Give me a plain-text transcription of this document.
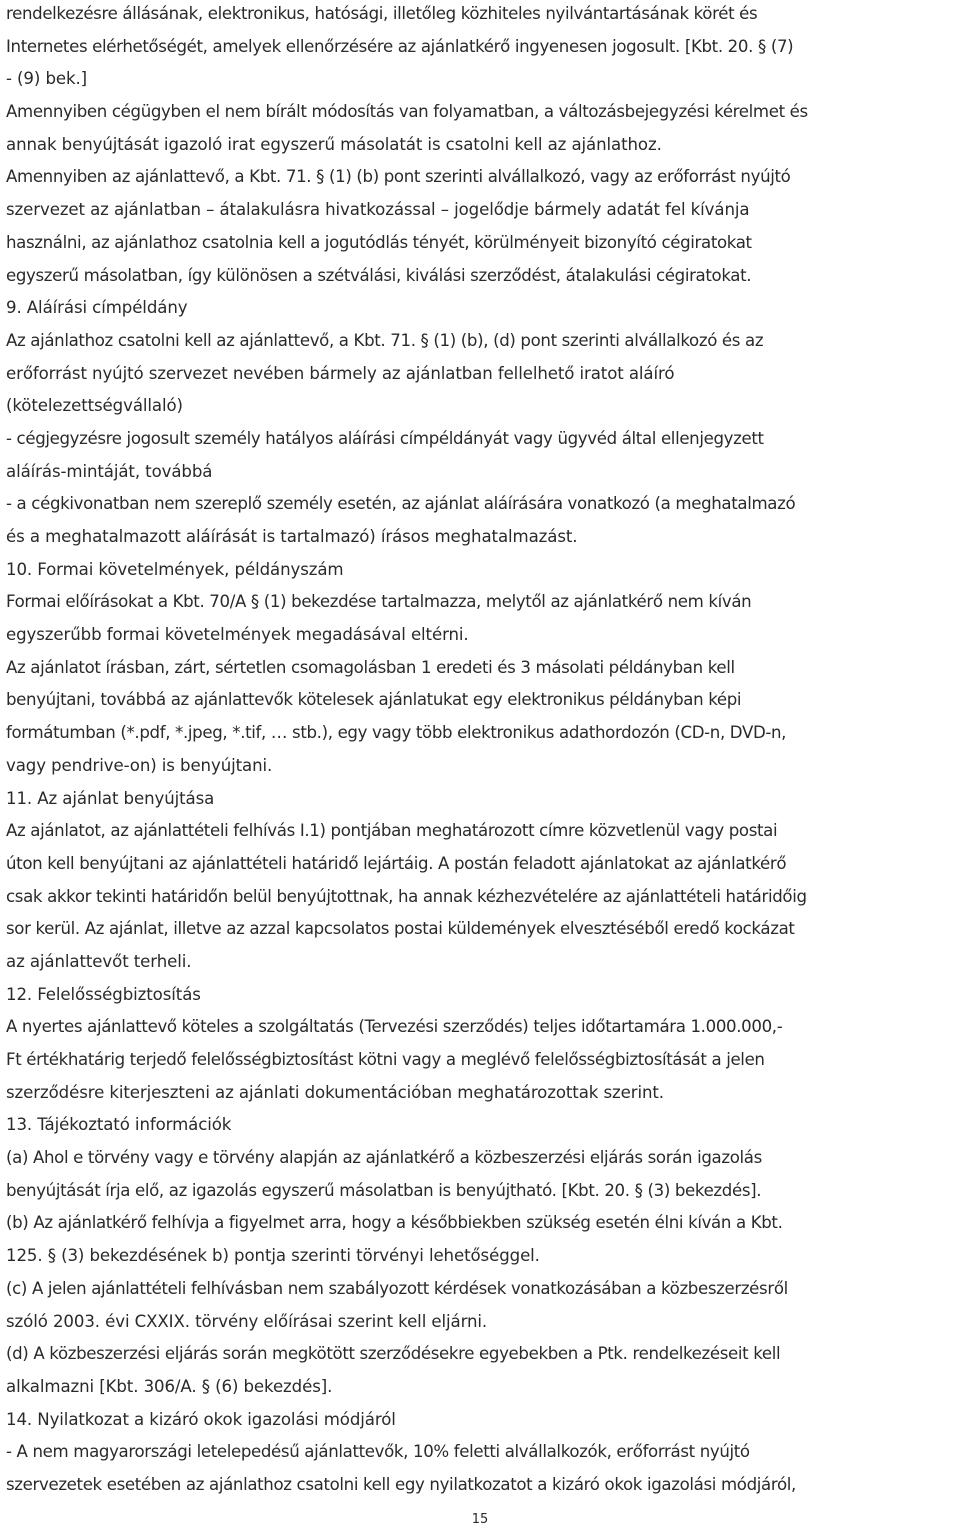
rendelkezésre állásának, elektronikus, hatósági, illetőleg közhiteles nyilvántartásának körét és
Internetes elérhetőségét, amelyek ellenőrzésére az ajánlatkérő ingyenesen jogosult. [Kbt. 20. § (7)
- (9) bek.]
Amennyiben cégügyben el nem bírált módosítás van folyamatban, a változásbejegyzési kérelmet és
annak benyújtását igazoló irat egyszerű másolatát is csatolni kell az ajánlathoz.
Amennyiben az ajánlattevő, a Kbt. 71. § (1) (b) pont szerinti alvállalkozó, vagy az erőforrást nyújtó
szervezet az ajánlatban – átalakulásra hivatkozással – jogelődje bármely adatát fel kívánja
használni, az ajánlathoz csatolnia kell a jogutódlás tényét, körülményeit bizonyító cégiratokat
egyszerű másolatban, így különösen a szétválási, kiválási szerződést, átalakulási cégiratokat.
9. Aláírási címpéldány
Az ajánlathoz csatolni kell az ajánlattevő, a Kbt. 71. § (1) (b), (d) pont szerinti alvállalkozó és az
erőforrást nyújtó szervezet nevében bármely az ajánlatban fellelhető iratot aláíró
(kötelezettségvállaló)
- cégjegyzésre jogosult személy hatályos aláírási címpéldányát vagy ügyvéd által ellenjegyzett
aláírás-mintáját, továbbá
- a cégkivonatban nem szereplő személy esetén, az ajánlat aláírására vonatkozó (a meghatalmazó
és a meghatalmazott aláírását is tartalmazó) írásos meghatalmazást.
10. Formai követelmények, példányszám
Formai előírásokat a Kbt. 70/A § (1) bekezdése tartalmazza, melytől az ajánlatkérő nem kíván
egyszerűbb formai követelmények megadásával eltérni.
Az ajánlatot írásban, zárt, sértetlen csomagolásban 1 eredeti és 3 másolati példányban kell
benyújtani, továbbá az ajánlattevők kötelesek ajánlatukat egy elektronikus példányban képi
formátumban (*.pdf, *.jpeg, *.tif, … stb.), egy vagy több elektronikus adathordozón (CD-n, DVD-n,
vagy pendrive-on) is benyújtani.
11. Az ajánlat benyújtása
Az ajánlatot, az ajánlattételi felhívás I.1) pontjában meghatározott címre közvetlenül vagy postai
úton kell benyújtani az ajánlattételi határidő lejártáig. A postán feladott ajánlatokat az ajánlatkérő
csak akkor tekinti határidőn belül benyújtottnak, ha annak kézhezvételére az ajánlattételi határidőig
sor kerül. Az ajánlat, illetve az azzal kapcsolatos postai küldemények elvesztéséből eredő kockázat
az ajánlattevőt terheli.
12. Felelősségbiztosítás
A nyertes ajánlattevő köteles a szolgáltatás (Tervezési szerződés) teljes időtartamára 1.000.000,-
Ft értékhatárig terjedő felelősségbiztosítást kötni vagy a meglévő felelősségbiztosítását a jelen
szerződésre kiterjeszteni az ajánlati dokumentációban meghatározottak szerint.
13. Tájékoztató információk
(a) Ahol e törvény vagy e törvény alapján az ajánlatkérő a közbeszerzési eljárás során igazolás
benyújtását írja elő, az igazolás egyszerű másolatban is benyújtható. [Kbt. 20. § (3) bekezdés].
(b) Az ajánlatkérő felhívja a figyelmet arra, hogy a későbbiekben szükség esetén élni kíván a Kbt.
125. § (3) bekezdésének b) pontja szerinti törvényi lehetőséggel.
(c) A jelen ajánlattételi felhívásban nem szabályozott kérdések vonatkozásában a közbeszerzésről
szóló 2003. évi CXXIX. törvény előírásai szerint kell eljárni.
(d) A közbeszerzési eljárás során megkötött szerződésekre egyebekben a Ptk. rendelkezéseit kell
alkalmazni [Kbt. 306/A. § (6) bekezdés].
14. Nyilatkozat a kizáró okok igazolási módjáról
- A nem magyarországi letelepedésű ajánlattevők, 10% feletti alvállalkozók, erőforrást nyújtó
szervezetek esetében az ajánlathoz csatolni kell egy nyilatkozatot a kizáró okok igazolási módjáról,
15
